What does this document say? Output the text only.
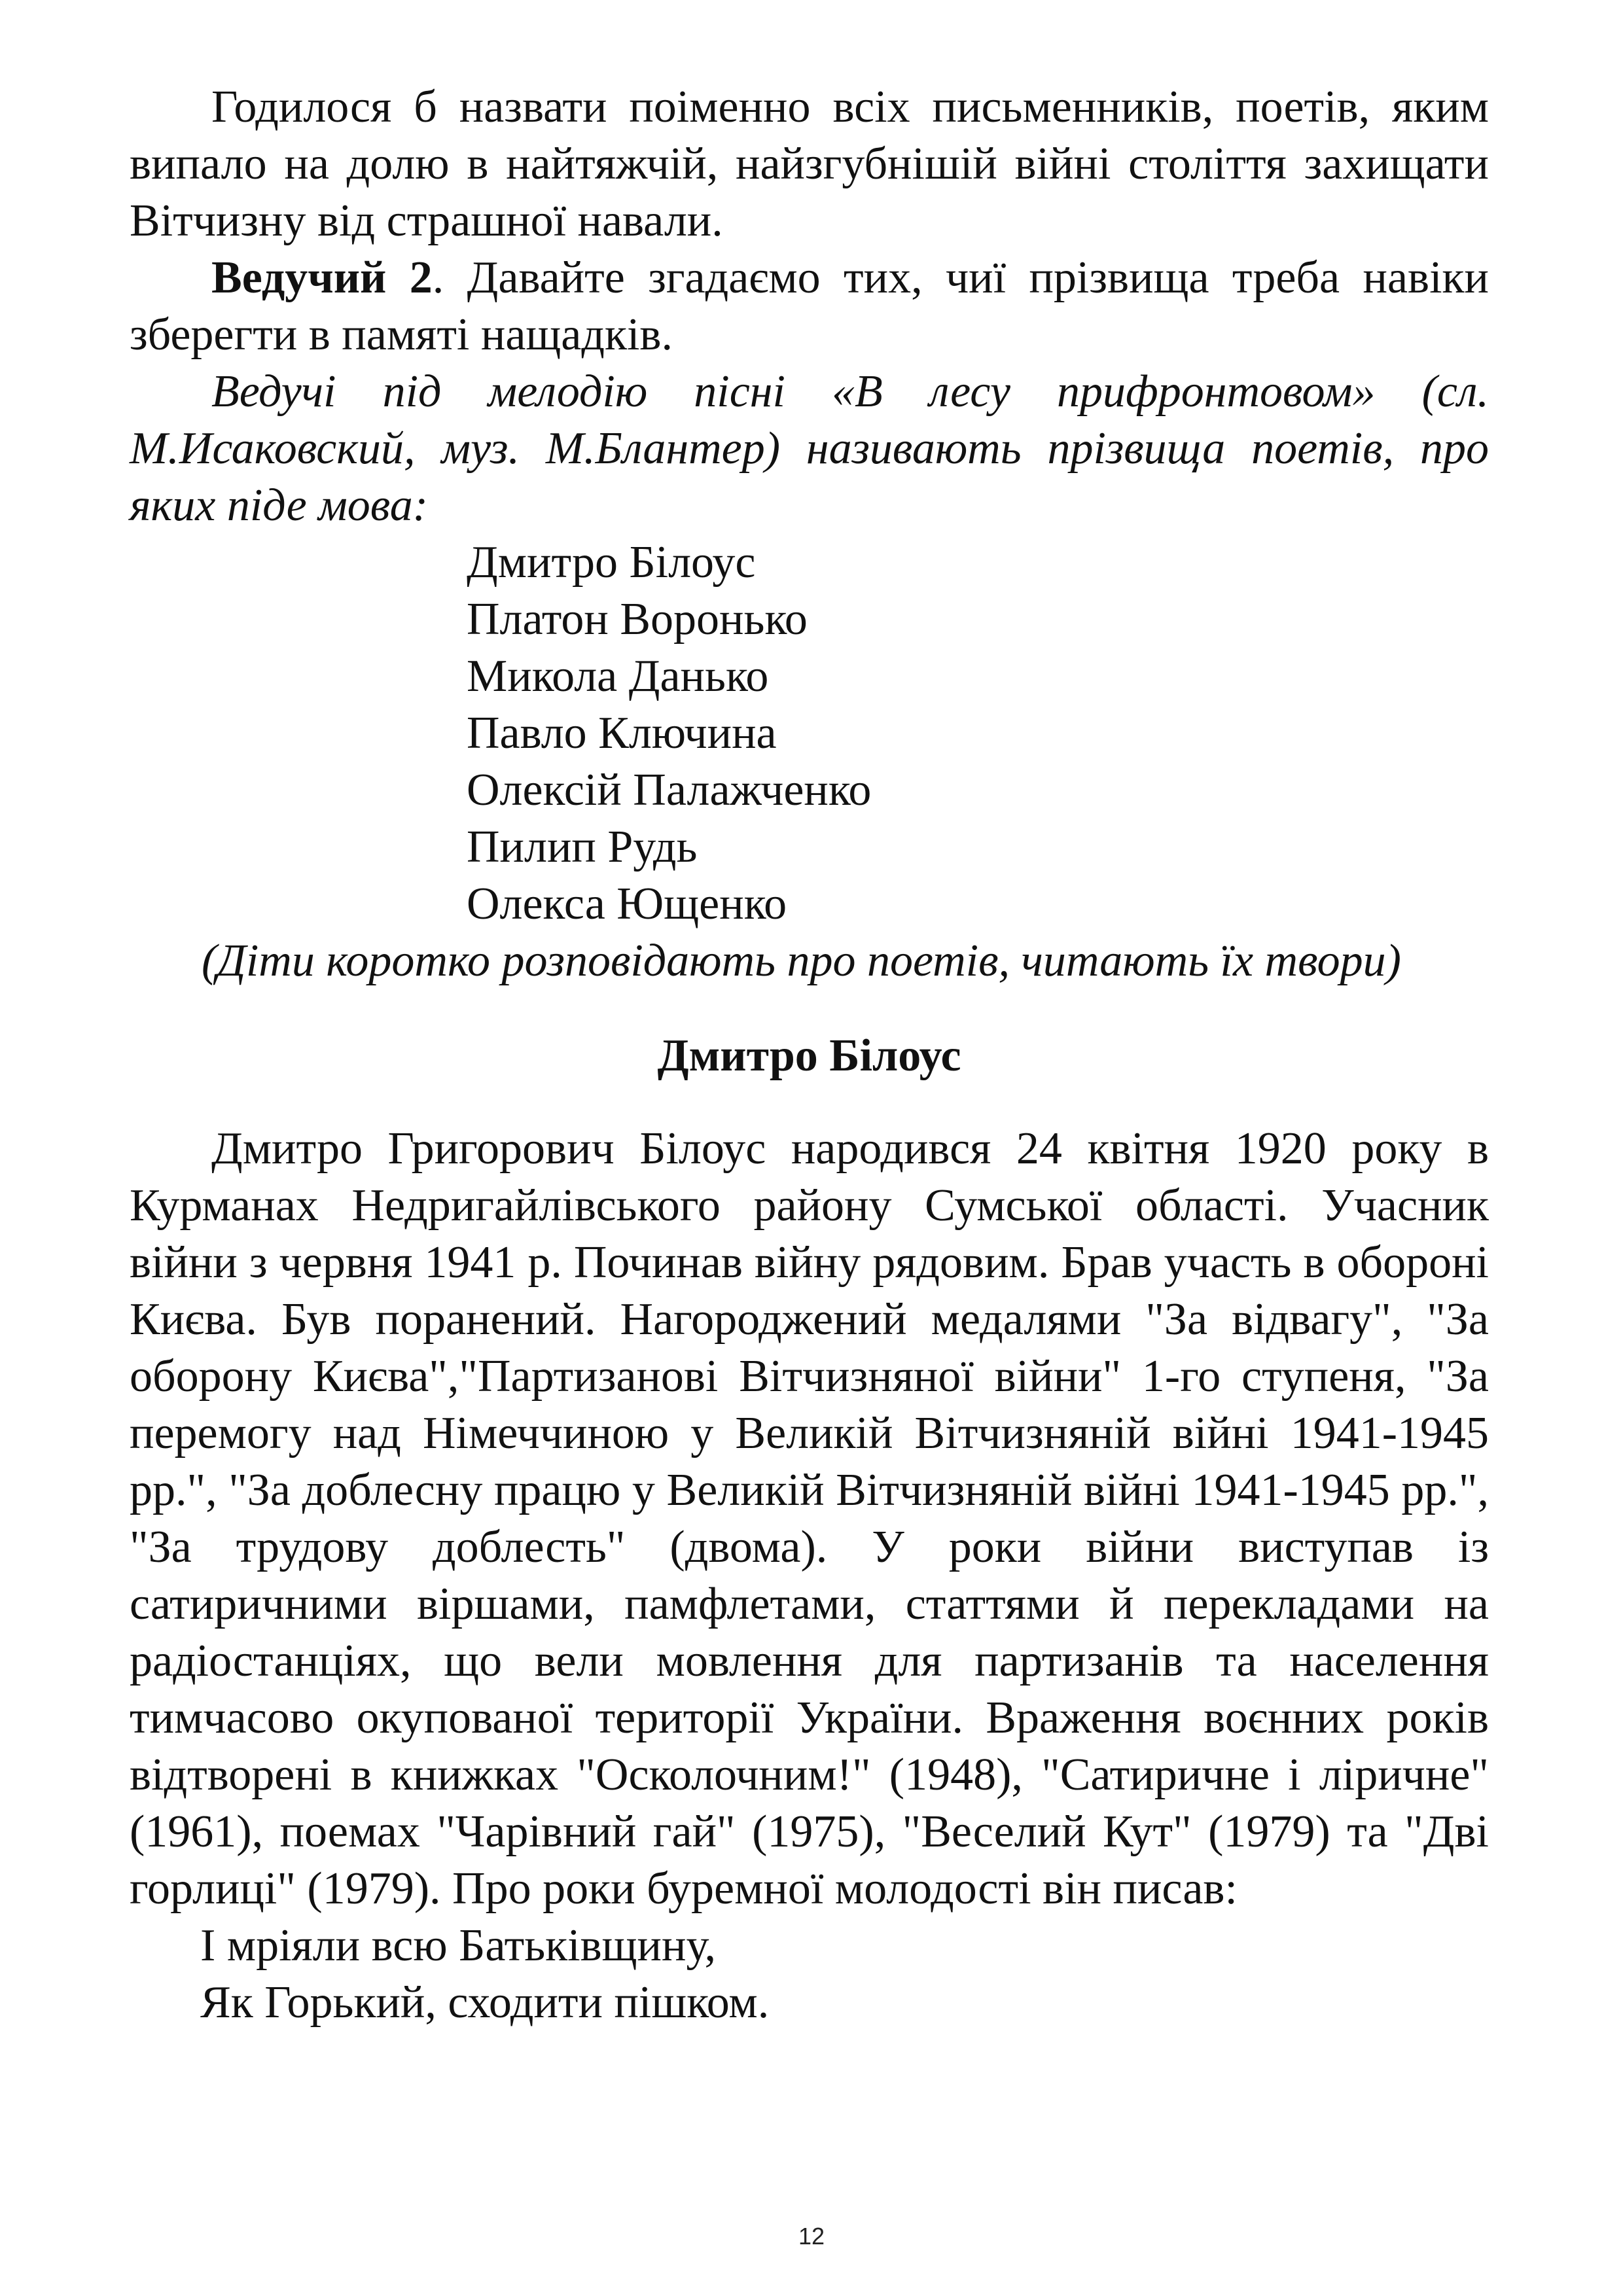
Годилося б назвати поіменно всіх письменників, поетів, яким випало на долю в найтяжчій, найзгубнішій війні століття захищати Вітчизну від страшної навали.

Ведучий 2. Давайте згадаємо тих, чиї прізвища треба навіки зберегти в памяті нащадків.

Ведучі під мелодію пісні «В лесу прифронтовом» (сл. М.Исаковский, муз. М.Блантер) називають прізвища поетів, про яких піде мова:

Дмитро Білоус
Платон Воронько
Микола Данько
Павло Ключина
Олексій Палажченко
Пилип Рудь
Олекса Ющенко

(Діти коротко розповідають про поетів, читають їх твори)

Дмитро Білоус

Дмитро Григорович Білоус народився 24 квітня 1920 року в Курманах Недригайлівського району Сумської області. Учасник війни з червня 1941 р. Починав війну рядовим. Брав участь в обороні Києва. Був поранений. Нагороджений медалями "За відвагу", "За оборону Києва","Партизанові Вітчизняної війни" 1-го ступеня, "За перемогу над Німеччиною у Великій Вітчизняній війні 1941-1945 рр.", "За доблесну працю у Великій Вітчизняній війні 1941-1945 рр.", "За трудову доблесть" (двома). У роки війни виступав із сатиричними віршами, памфлетами, статтями й перекладами на радіостанціях, що вели мовлення для партизанів та населення тимчасово окупованої території України. Враження воєнних років відтворені в книжках "Осколочним!" (1948), "Сатиричне і ліричне" (1961), поемах "Чарівний гай" (1975), "Веселий Кут" (1979) та "Дві горлиці" (1979). Про роки буремної молодості він писав:

І мріяли всю Батьківщину,

Як Горький, сходити пішком.

12
